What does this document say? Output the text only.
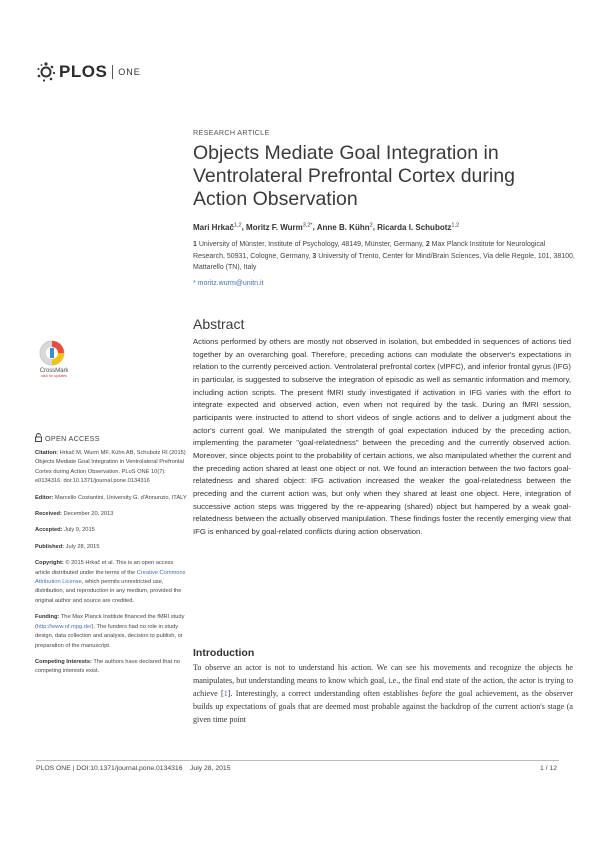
PLOS ONE
RESEARCH ARTICLE
Objects Mediate Goal Integration in Ventrolateral Prefrontal Cortex during Action Observation
Mari Hrkač$^{1,2}$, Moritz F. Wurm$^{3,2*}$, Anne B. Kühn$^2$, Ricarda I. Schubotz$^{1,2}$
1 University of Münster, Institute of Psychology, 48149, Münster, Germany, 2 Max Planck Institute for Neurological Research, 50931, Cologne, Germany, 3 University of Trento, Center for Mind/Brain Sciences, Via delle Regole, 101, 38100, Mattarello (TN), Italy
* moritz.wurm@unitn.it
Abstract
Actions performed by others are mostly not observed in isolation, but embedded in sequences of actions tied together by an overarching goal. Therefore, preceding actions can modulate the observer's expectations in relation to the currently perceived action. Ventrolateral prefrontal cortex (vlPFC), and inferior frontal gyrus (IFG) in particular, is suggested to subserve the integration of episodic as well as semantic information and memory, including action scripts. The present fMRI study investigated if activation in IFG varies with the effort to integrate expected and observed action, even when not required by the task. During an fMRI session, participants were instructed to attend to short videos of single actions and to deliver a judgment about the actor's current goal. We manipulated the strength of goal expectation induced by the preceding action, implementing the parameter "goal-relatedness" between the preceding and the currently observed action. Moreover, since objects point to the probability of certain actions, we also manipulated whether the current and the preceding action shared at least one object or not. We found an interaction between the two factors goal-relatedness and shared object: IFG activation increased the weaker the goal-relatedness between the preceding and the current action was, but only when they shared at least one object. Here, integration of successive action steps was triggered by the re-appearing (shared) object but hampered by a weak goal-relatedness between the actually observed manipulation. These findings foster the recently emerging view that IFG is enhanced by goal-related conflicts during action observation.
CrossMark
click for updates
OPEN ACCESS
Citation: Hrkač M, Wurm MF, Kühn AB, Schubotz RI (2015) Objects Mediate Goal Integration in Ventrolateral Prefrontal Cortex during Action Observation. PLoS ONE 10(7): e0134316. doi:10.1371/journal.pone.0134316
Editor: Marcello Costantini, University G. d'Annunzio, ITALY
Received: December 20, 2013
Accepted: July 9, 2015
Published: July 28, 2015
Copyright: © 2015 Hrkač et al. This is an open access article distributed under the terms of the Creative Commons Attribution License, which permits unrestricted use, distribution, and reproduction in any medium, provided the original author and source are credited.
Funding: The Max Planck Institute financed the fMRI study (http://www.nf.mpg.de/). The funders had no role in study design, data collection and analysis, decision to publish, or preparation of the manuscript.
Competing Interests: The authors have declared that no competing interests exist.
Introduction
To observe an actor is not to understand his action. We can see his movements and recognize the objects he manipulates, but understanding means to know which goal, i.e., the final end state of the action, the actor is trying to achieve [1]. Interestingly, a correct understanding often establishes before the goal achievement, as the observer builds up expectations of goals that are deemed most probable against the backdrop of the current action's stage (a given time point
PLOS ONE | DOI:10.1371/journal.pone.0134316    July 28, 2015	1 / 12
